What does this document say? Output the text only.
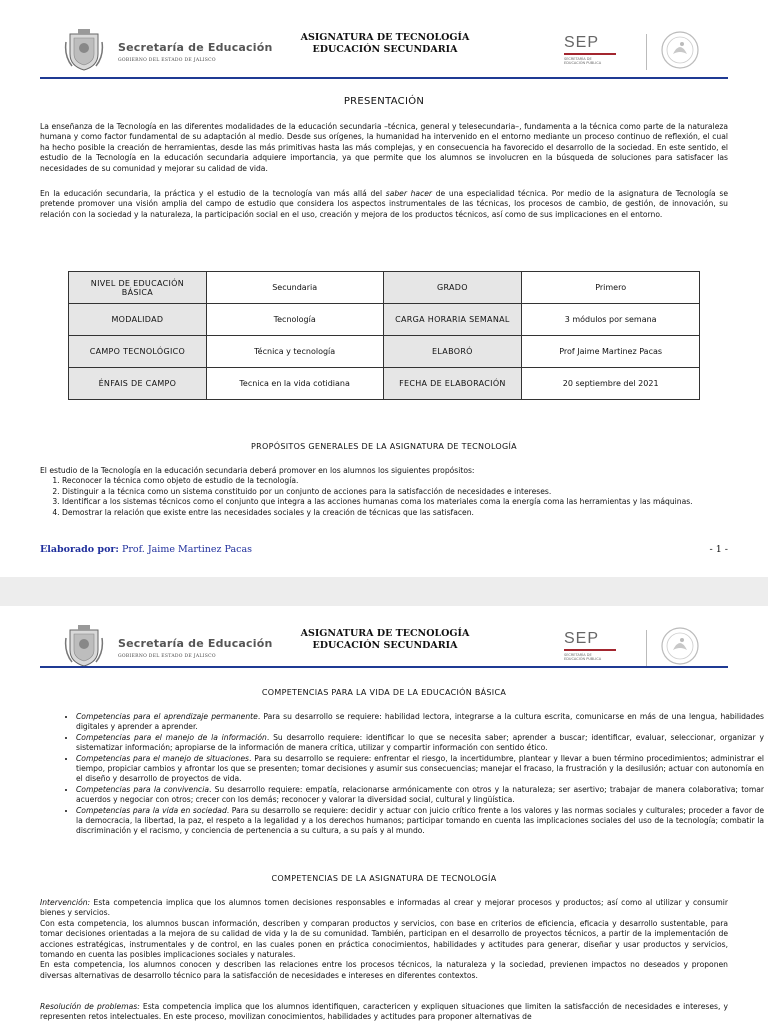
Secretaría de Educación
GOBIERNO DEL ESTADO DE JALISCO
ASIGNATURA DE TECNOLOGÍA
EDUCACIÓN SECUNDARIA	SEP
SECRETARÍA DE
EDUCACIÓN PÚBLICA
PRESENTACIÓN
La enseñanza de la Tecnología en las diferentes modalidades de la educación secundaria –técnica, general y telesecundaria–, fundamenta a la técnica como parte de la naturaleza humana y como factor fundamental de su adaptación al medio. Desde sus orígenes, la humanidad ha intervenido en el entorno mediante un proceso continuo de reflexión, el cual ha hecho posible la creación de herramientas, desde las más primitivas hasta las más complejas, y en consecuencia ha favorecido el desarrollo de la sociedad. En este sentido, el estudio de la Tecnología en la educación secundaria adquiere importancia, ya que permite que los alumnos se involucren en la búsqueda de soluciones para satisfacer las necesidades de su comunidad y mejorar su calidad de vida.
En la educación secundaria, la práctica y el estudio de la tecnología van más allá del saber hacer de una especialidad técnica. Por medio de la asignatura de Tecnología se pretende promover una visión amplia del campo de estudio que considera los aspectos instrumentales de las técnicas, los procesos de cambio, de gestión, de innovación, su relación con la sociedad y la naturaleza, la participación social en el uso, creación y mejora de los productos técnicos, así como de sus implicaciones en el entorno.
NIVEL DE EDUCACIÓN BÁSICA	Secundaria	GRADO	Primero
MODALIDAD	Tecnología	CARGA HORARIA SEMANAL	3 módulos por semana
CAMPO TECNOLÓGICO	Técnica y tecnología	ELABORÓ	Prof Jaime Martinez Pacas
ÉNFAIS DE CAMPO	Tecnica en la vida cotidiana	FECHA DE ELABORACIÓN	20 septiembre del 2021
PROPÓSITOS GENERALES DE LA ASIGNATURA DE TECNOLOGÍA
El estudio de la Tecnología en la educación secundaria deberá promover en los alumnos los siguientes propósitos:
1. Reconocer la técnica como objeto de estudio de la tecnología.
2. Distinguir a la técnica como un sistema constituido por un conjunto de acciones para la satisfacción de necesidades e intereses.
3. Identificar a los sistemas técnicos como el conjunto que integra a las acciones humanas coma los materiales coma la energía coma las herramientas y las máquinas.
4. Demostrar la relación que existe entre las necesidades sociales y la creación de técnicas que las satisfacen.
Elaborado por: Prof. Jaime Martinez Pacas	- 1 -
Secretaría de Educación
GOBIERNO DEL ESTADO DE JALISCO
ASIGNATURA DE TECNOLOGÍA
EDUCACIÓN SECUNDARIA	SEP
SECRETARÍA DE
EDUCACIÓN PÚBLICA
COMPETENCIAS PARA LA VIDA DE LA EDUCACIÓN BÁSICA
• Competencias para el aprendizaje permanente. Para su desarrollo se requiere: habilidad lectora, integrarse a la cultura escrita, comunicarse en más de una lengua, habilidades digitales y aprender a aprender.
• Competencias para el manejo de la información. Su desarrollo requiere: identificar lo que se necesita saber; aprender a buscar; identificar, evaluar, seleccionar, organizar y sistematizar información; apropiarse de la información de manera crítica, utilizar y compartir información con sentido ético.
• Competencias para el manejo de situaciones. Para su desarrollo se requiere: enfrentar el riesgo, la incertidumbre, plantear y llevar a buen término procedimientos; administrar el tiempo, propiciar cambios y afrontar los que se presenten; tomar decisiones y asumir sus consecuencias; manejar el fracaso, la frustración y la desilusión; actuar con autonomía en el diseño y desarrollo de proyectos de vida.
• Competencias para la convivencia. Su desarrollo requiere: empatía, relacionarse armónicamente con otros y la naturaleza; ser asertivo; trabajar de manera colaborativa; tomar acuerdos y negociar con otros; crecer con los demás; reconocer y valorar la diversidad social, cultural y lingüística.
• Competencias para la vida en sociedad. Para su desarrollo se requiere: decidir y actuar con juicio crítico frente a los valores y las normas sociales y culturales; proceder a favor de la democracia, la libertad, la paz, el respeto a la legalidad y a los derechos humanos; participar tomando en cuenta las implicaciones sociales del uso de la tecnología; combatir la discriminación y el racismo, y conciencia de pertenencia a su cultura, a su país y al mundo.
COMPETENCIAS DE LA ASIGNATURA DE TECNOLOGÍA
Intervención: Esta competencia implica que los alumnos tomen decisiones responsables e informadas al crear y mejorar procesos y productos; así como al utilizar y consumir bienes y servicios.
Con esta competencia, los alumnos buscan información, describen y comparan productos y servicios, con base en criterios de eficiencia, eficacia y desarrollo sustentable, para tomar decisiones orientadas a la mejora de su calidad de vida y la de su comunidad. También, participan en el desarrollo de proyectos técnicos, a partir de la implementación de acciones estratégicas, instrumentales y de control, en las cuales ponen en práctica conocimientos, habilidades y actitudes para generar, diseñar y usar productos y servicios, tomando en cuenta las posibles implicaciones sociales y naturales.
En esta competencia, los alumnos conocen y describen las relaciones entre los procesos técnicos, la naturaleza y la sociedad, previenen impactos no deseados y proponen diversas alternativas de desarrollo técnico para la satisfacción de necesidades e intereses en diferentes contextos.
Resolución de problemas: Esta competencia implica que los alumnos identifiquen, caractericen y expliquen situaciones que limiten la satisfacción de necesidades e intereses, y representen retos intelectuales. En este proceso, movilizan conocimientos, habilidades y actitudes para proponer alternativas de
